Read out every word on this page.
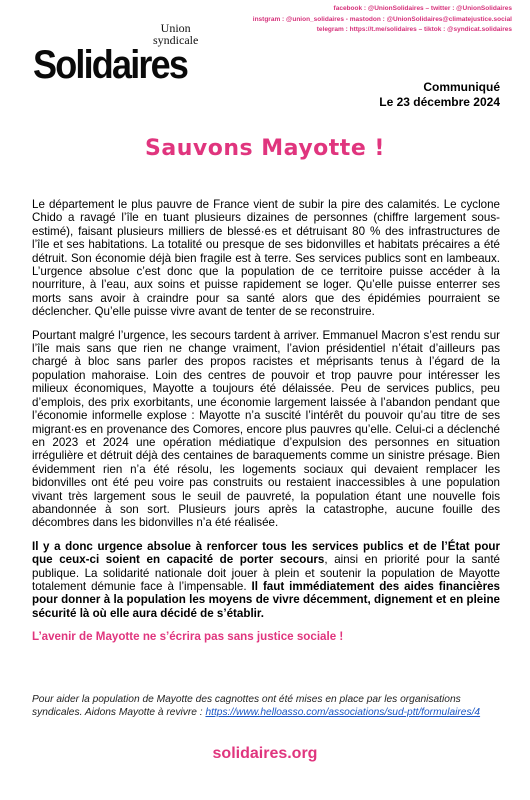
Union
syndicale
Solidaires
facebook : @UnionSolidaires – twitter : @UnionSolidaires
instgram : @union_solidaires - mastodon : @UnionSolidaires@climatejustice.social
telegram : https://t.me/solidaires – tiktok : @syndicat.solidaires
Communiqué
Le 23 décembre 2024
Sauvons Mayotte !

Le département le plus pauvre de France vient de subir la pire des calamités. Le cyclone Chido a ravagé l’île en tuant plusieurs dizaines de personnes (chiffre largement sous-estimé), faisant plusieurs milliers de blessé·es et détruisant 80 % des infrastructures de l’île et ses habitations. La totalité ou presque de ses bidonvilles et habitats précaires a été détruit. Son économie déjà bien fragile est à terre. Ses services publics sont en lambeaux. L’urgence absolue c’est donc que la population de ce territoire puisse accéder à la nourriture, à l’eau, aux soins et puisse rapidement se loger. Qu’elle puisse enterrer ses morts sans avoir à craindre pour sa santé alors que des épidémies pourraient se déclencher. Qu’elle puisse vivre avant de tenter de se reconstruire.

Pourtant malgré l’urgence, les secours tardent à arriver. Emmanuel Macron s’est rendu sur l’île mais sans que rien ne change vraiment, l’avion présidentiel n’était d’ailleurs pas chargé à bloc sans parler des propos racistes et méprisants tenus à l’égard de la population mahoraise. Loin des centres de pouvoir et trop pauvre pour intéresser les milieux économiques, Mayotte a toujours été délaissée. Peu de services publics, peu d’emplois, des prix exorbitants, une économie largement laissée à l’abandon pendant que l’économie informelle explose : Mayotte n’a suscité l’intérêt du pouvoir qu’au titre de ses migrant·es en provenance des Comores, encore plus pauvres qu’elle. Celui-ci a déclenché en 2023 et 2024 une opération médiatique d’expulsion des personnes en situation irrégulière et détruit déjà des centaines de baraquements comme un sinistre présage. Bien évidemment rien n’a été résolu, les logements sociaux qui devaient remplacer les bidonvilles ont été peu voire pas construits ou restaient inaccessibles à une population vivant très largement sous le seuil de pauvreté, la population étant une nouvelle fois abandonnée à son sort. Plusieurs jours après la catastrophe, aucune fouille des décombres dans les bidonvilles n’a été réalisée.

Il y a donc urgence absolue à renforcer tous les services publics et de l’État pour que ceux-ci soient en capacité de porter secours, ainsi en priorité pour la santé publique. La solidarité nationale doit jouer à plein et soutenir la population de Mayotte totalement démunie face à l’impensable. Il faut immédiatement des aides financières pour donner à la population les moyens de vivre décemment, dignement et en pleine sécurité là où elle aura décidé de s’établir.

L’avenir de Mayotte ne s’écrira pas sans justice sociale !

Pour aider la population de Mayotte des cagnottes ont été mises en place par les organisations syndicales. Aidons Mayotte à revivre : https://www.helloasso.com/associations/sud-ptt/formulaires/4
solidaires.org
